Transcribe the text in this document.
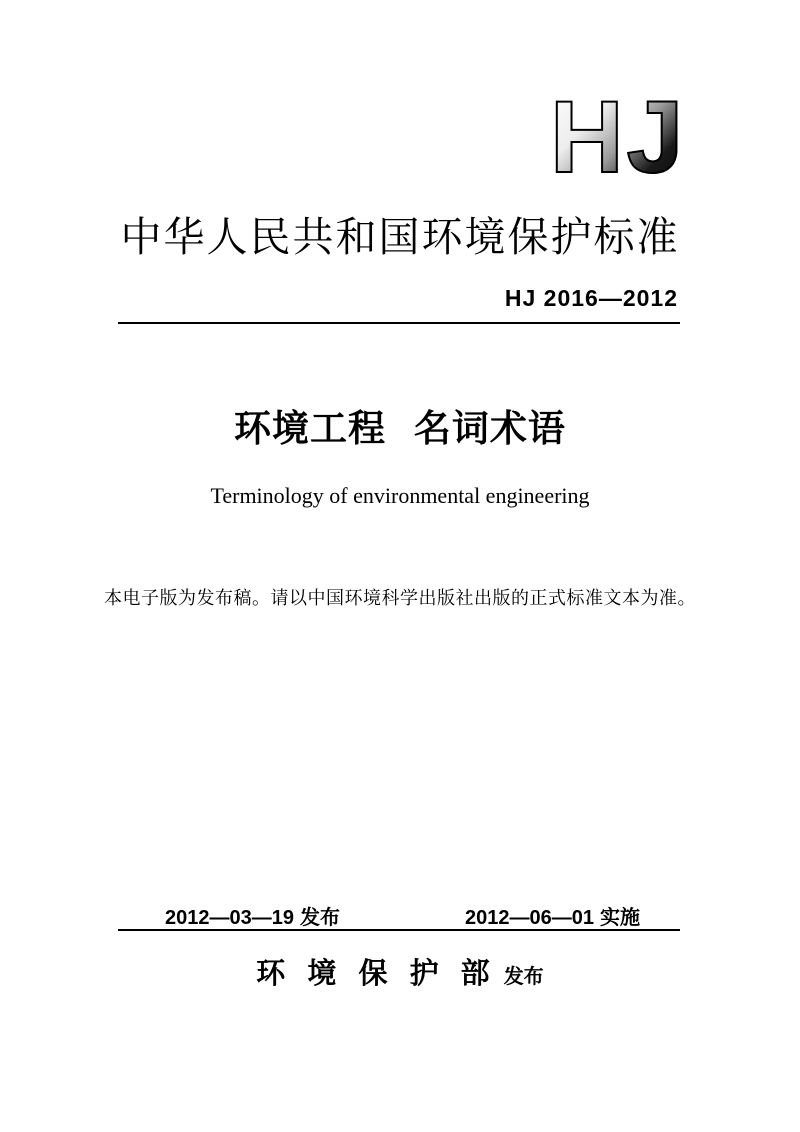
HJ
中华人民共和国环境保护标准
HJ 2016—2012
环境工程 名词术语
Terminology of environmental engineering
本电子版为发布稿。请以中国环境科学出版社出版的正式标准文本为准。
2012—03—19 发布	2012—06—01 实施
环 境 保 护 部 发布
